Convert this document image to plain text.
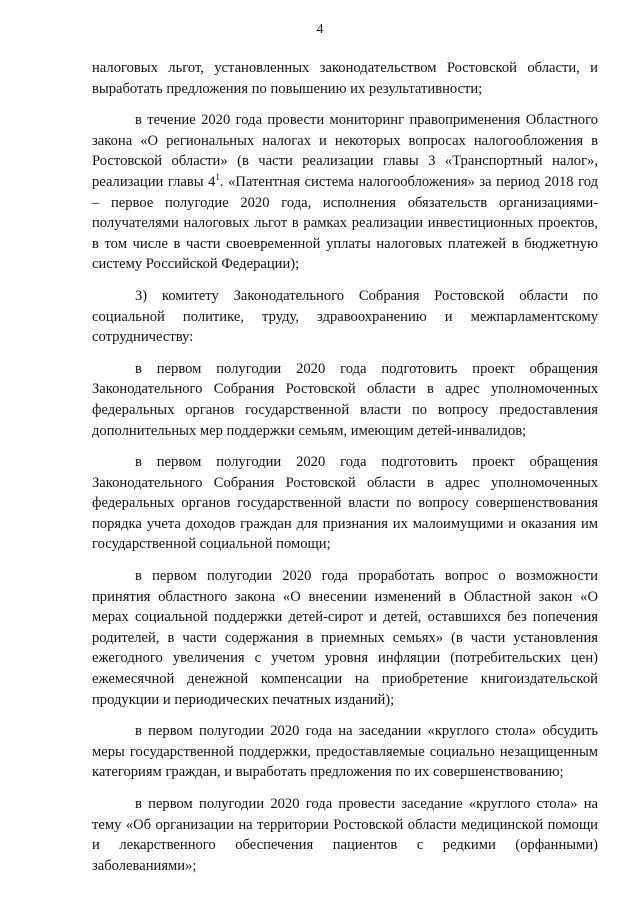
4

налоговых льгот, установленных законодательством Ростовской области, и выработать предложения по повышению их результативности;

в течение 2020 года провести мониторинг правоприменения Областного закона «О региональных налогах и некоторых вопросах налогообложения в Ростовской области» (в части реализации главы 3 «Транспортный налог», реализации главы $4^1$. «Патентная система налогообложения» за период 2018 год – первое полугодие 2020 года, исполнения обязательств организациями-получателями налоговых льгот в рамках реализации инвестиционных проектов, в том числе в части своевременной уплаты налоговых платежей в бюджетную систему Российской Федерации);

3) комитету Законодательного Собрания Ростовской области по социальной политике, труду, здравоохранению и межпарламентскому сотрудничеству:

в первом полугодии 2020 года подготовить проект обращения Законодательного Собрания Ростовской области в адрес уполномоченных федеральных органов государственной власти по вопросу предоставления дополнительных мер поддержки семьям, имеющим детей-инвалидов;

в первом полугодии 2020 года подготовить проект обращения Законодательного Собрания Ростовской области в адрес уполномоченных федеральных органов государственной власти по вопросу совершенствования порядка учета доходов граждан для признания их малоимущими и оказания им государственной социальной помощи;

в первом полугодии 2020 года проработать вопрос о возможности принятия областного закона «О внесении изменений в Областной закон «О мерах социальной поддержки детей-сирот и детей, оставшихся без попечения родителей, в части содержания в приемных семьях» (в части установления ежегодного увеличения с учетом уровня инфляции (потребительских цен) ежемесячной денежной компенсации на приобретение книгоиздательской продукции и периодических печатных изданий);

в первом полугодии 2020 года на заседании «круглого стола» обсудить меры государственной поддержки, предоставляемые социально незащищенным категориям граждан, и выработать предложения по их совершенствованию;

в первом полугодии 2020 года провести заседание «круглого стола» на тему «Об организации на территории Ростовской области медицинской помощи и лекарственного обеспечения пациентов с редкими (орфанными) заболеваниями»;
